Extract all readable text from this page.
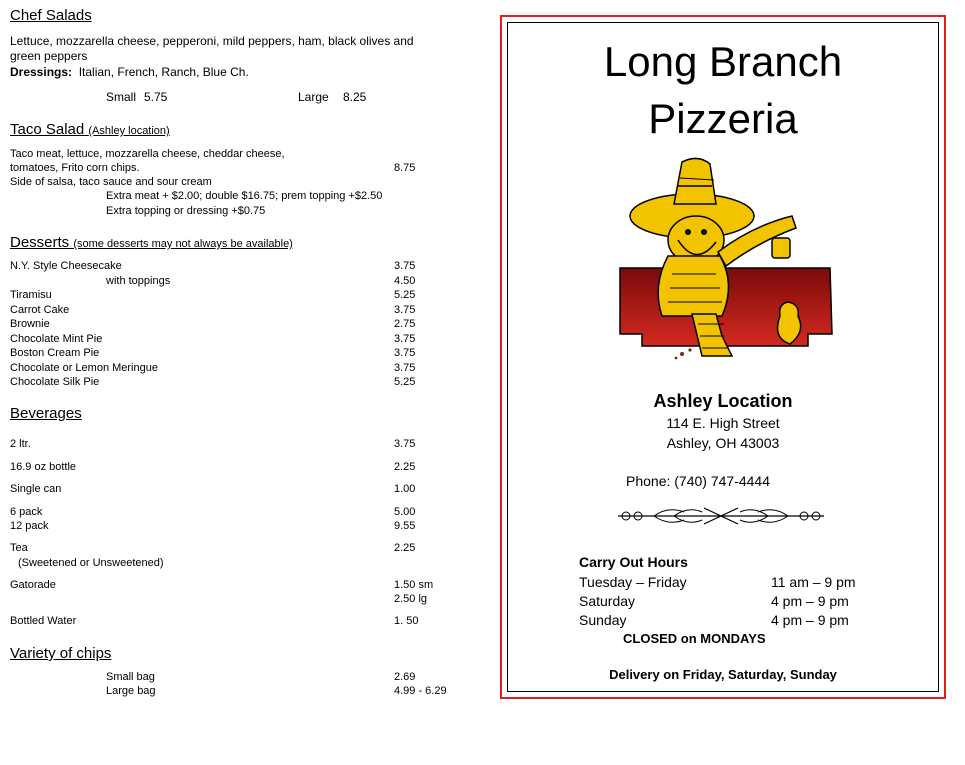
Chef Salads
Lettuce, mozzarella cheese, pepperoni, mild peppers, ham, black olives and
green peppers
Dressings: Italian, French, Ranch, Blue Ch.
Small 5.75	Large 8.25
Taco Salad (Ashley location)
Taco meat, lettuce, mozzarella cheese, cheddar cheese,
tomatoes, Frito corn chips.	8.75
Side of salsa, taco sauce and sour cream
Extra meat + $2.00; double $16.75; prem topping +$2.50
Extra topping or dressing +$0.75
Desserts (some desserts may not always be available)
N.Y. Style Cheesecake	3.75
with toppings	4.50
Tiramisu	5.25
Carrot Cake	3.75
Brownie	2.75
Chocolate Mint Pie	3.75
Boston Cream Pie	3.75
Chocolate or Lemon Meringue	3.75
Chocolate Silk Pie	5.25
Beverages
2 ltr.	3.75
16.9 oz bottle	2.25
Single can	1.00
6 pack	5.00
12 pack	9.55
Tea	2.25
(Sweetened or Unsweetened)
Gatorade	1.50 sm
2.50 lg
Bottled Water	1. 50
Variety of chips
Small bag	2.69
Large bag	4.99 - 6.29
Long Branch
Pizzeria
Ashley Location
114 E. High Street
Ashley, OH 43003
Phone: (740) 747-4444
Carry Out Hours
Tuesday – Friday	11 am – 9 pm
Saturday	4 pm – 9 pm
Sunday	4 pm – 9 pm
CLOSED on MONDAYS
Delivery on Friday, Saturday, Sunday
